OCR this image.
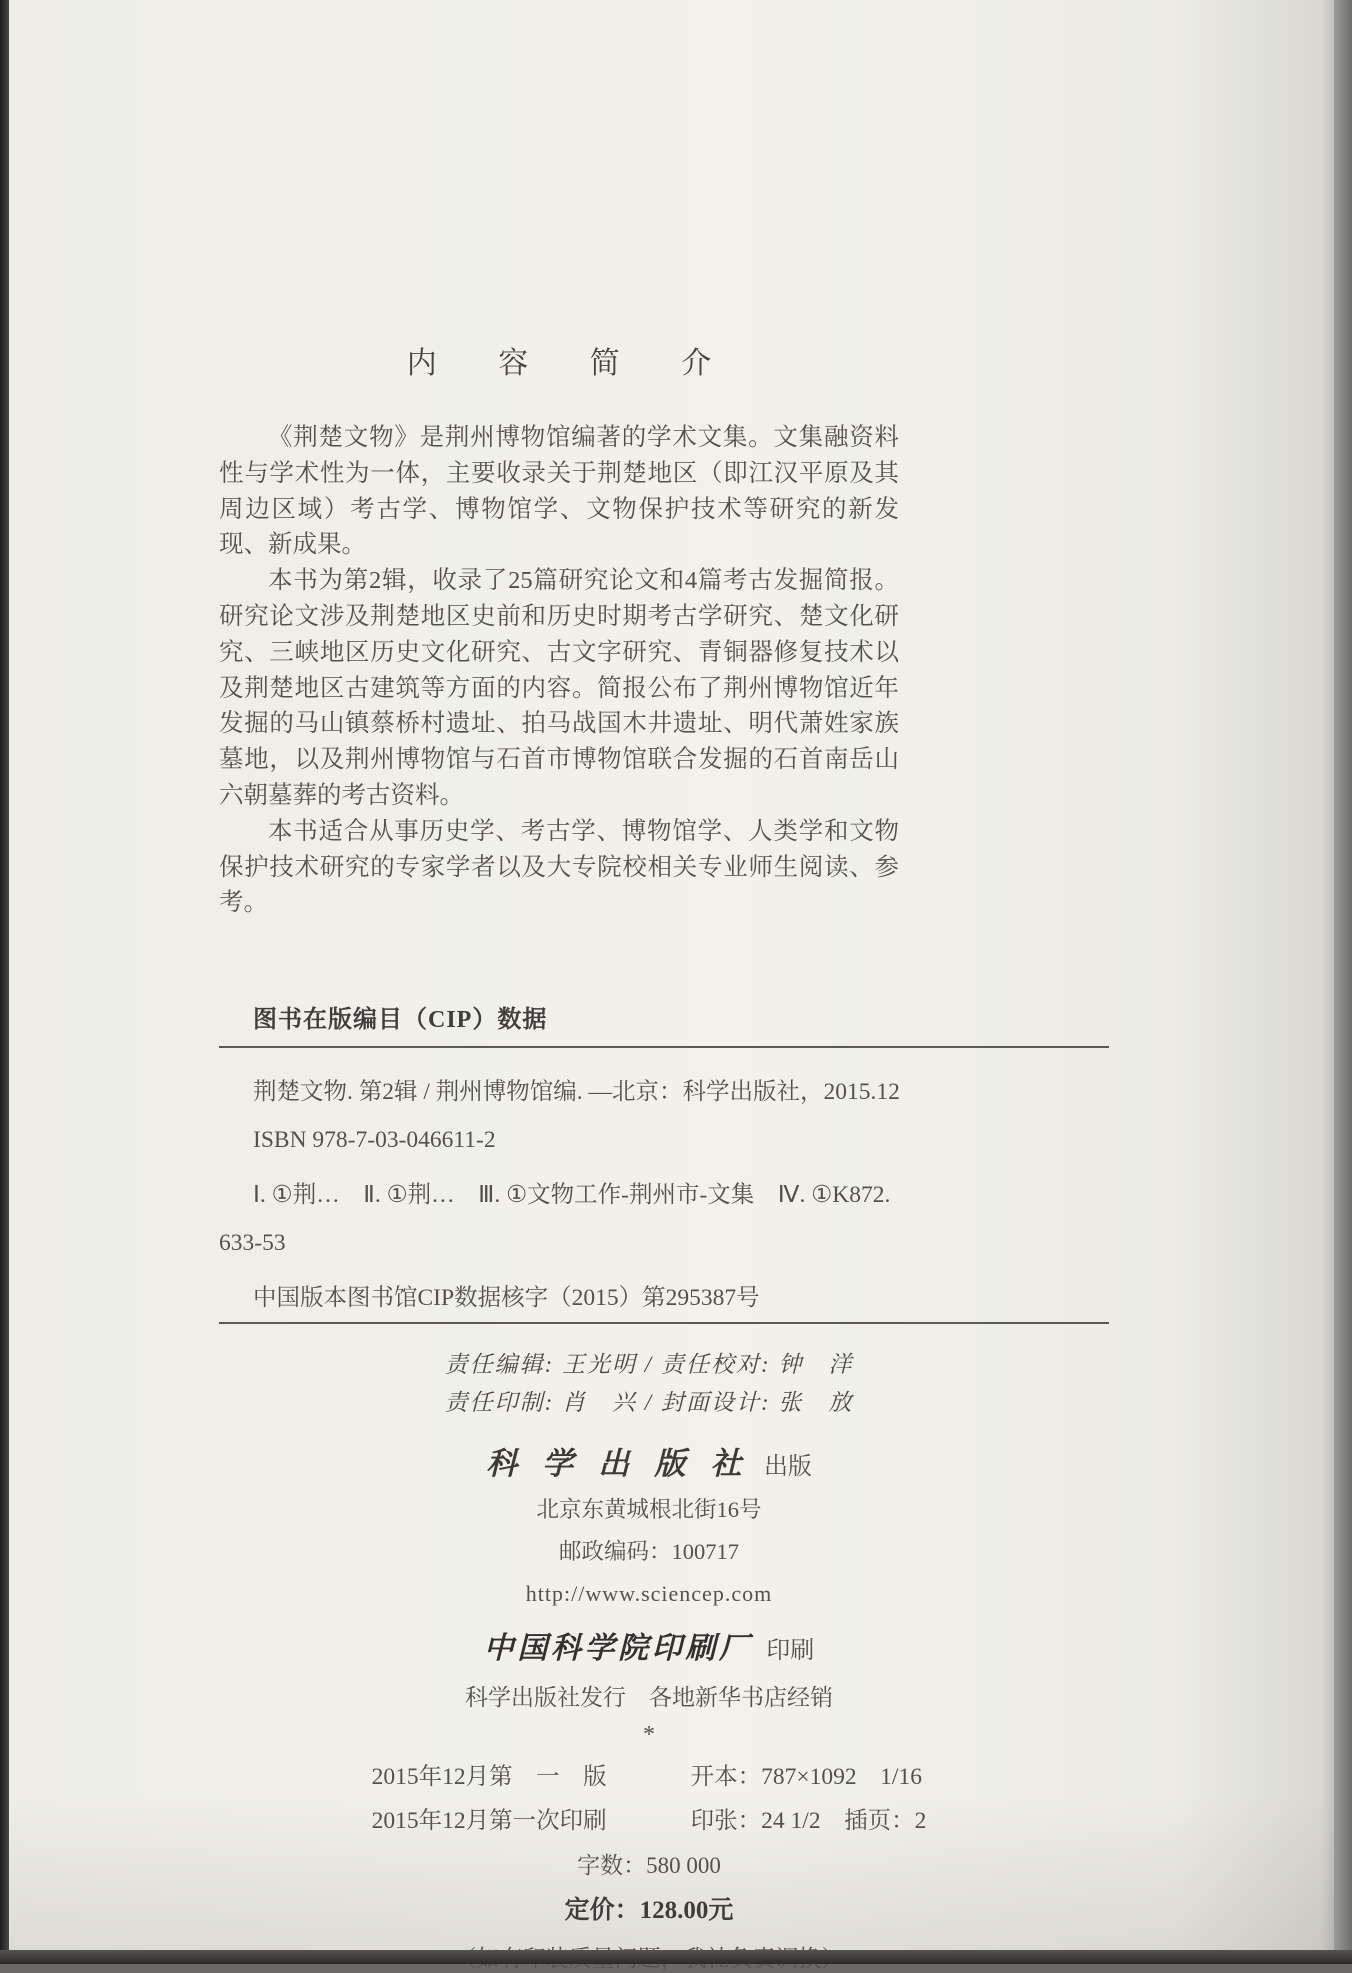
内 容 简 介

《荆楚文物》是荆州博物馆编著的学术文集。文集融资料性与学术性为一体，主要收录关于荆楚地区（即江汉平原及其周边区域）考古学、博物馆学、文物保护技术等研究的新发现、新成果。

本书为第2辑，收录了25篇研究论文和4篇考古发掘简报。研究论文涉及荆楚地区史前和历史时期考古学研究、楚文化研究、三峡地区历史文化研究、古文字研究、青铜器修复技术以及荆楚地区古建筑等方面的内容。简报公布了荆州博物馆近年发掘的马山镇蔡桥村遗址、拍马战国木井遗址、明代萧姓家族墓地，以及荆州博物馆与石首市博物馆联合发掘的石首南岳山六朝墓葬的考古资料。

本书适合从事历史学、考古学、博物馆学、人类学和文物保护技术研究的专家学者以及大专院校相关专业师生阅读、参考。

图书在版编目（CIP）数据
荆楚文物. 第2辑 / 荆州博物馆编. —北京：科学出版社，2015.12
ISBN 978-7-03-046611-2
Ⅰ. ①荆…　Ⅱ. ①荆…　Ⅲ. ①文物工作-荆州市-文集　Ⅳ. ①K872.
633-53
中国版本图书馆CIP数据核字（2015）第295387号
责任编辑: 王光明 / 责任校对: 钟　洋
责任印制: 肖　兴 / 封面设计: 张　放
科 学 出 版 社 出版
北京东黄城根北街16号
邮政编码：100717
http://www.sciencep.com
中国科学院印刷厂 印刷
科学出版社发行　各地新华书店经销
*
2015年12月第　一　版	开本：787×1092　1/16
2015年12月第一次印刷	印张：24 1/2　插页：2
字数：580 000
定价：128.00元
